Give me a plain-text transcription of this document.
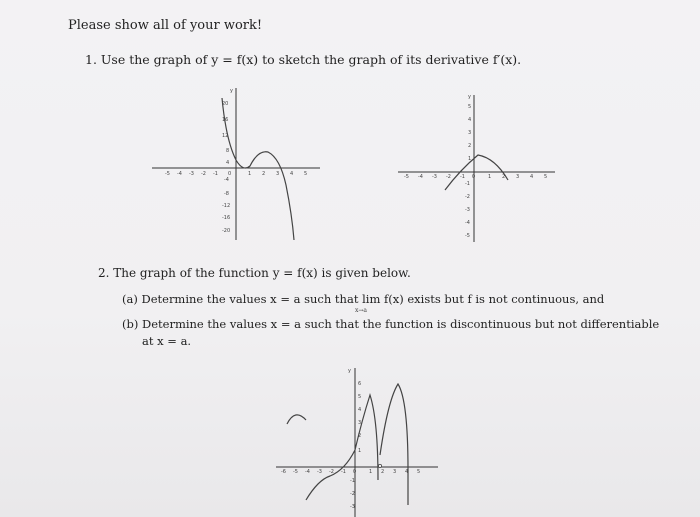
Please show all of your work!
1. Use the graph of y = f(x) to sketch the graph of its derivative f′(x).
2. The graph of the function y = f(x) is given below.
(a) Determine the values x = a such that lim f(x) exists but f is not continuous, and
x→a
(b) Determine the values x = a such that the function is discontinuous but not differentiable
at x = a.
y
-5 -4 -3 -2 -1 0	1 2 3 4 5
20
16
12
8
4
-4
-8
-12
-16
-20
y
-5 -4 -3 -2 -1 0	1 2 3 4 5
5
4
3
2
1
-1
-2
-3
-4
-5
y
-6 -5 -4 -3 -2 -1 0	1 2 3 4 5
6
5
4
3
2
1
-1
-2
-3
